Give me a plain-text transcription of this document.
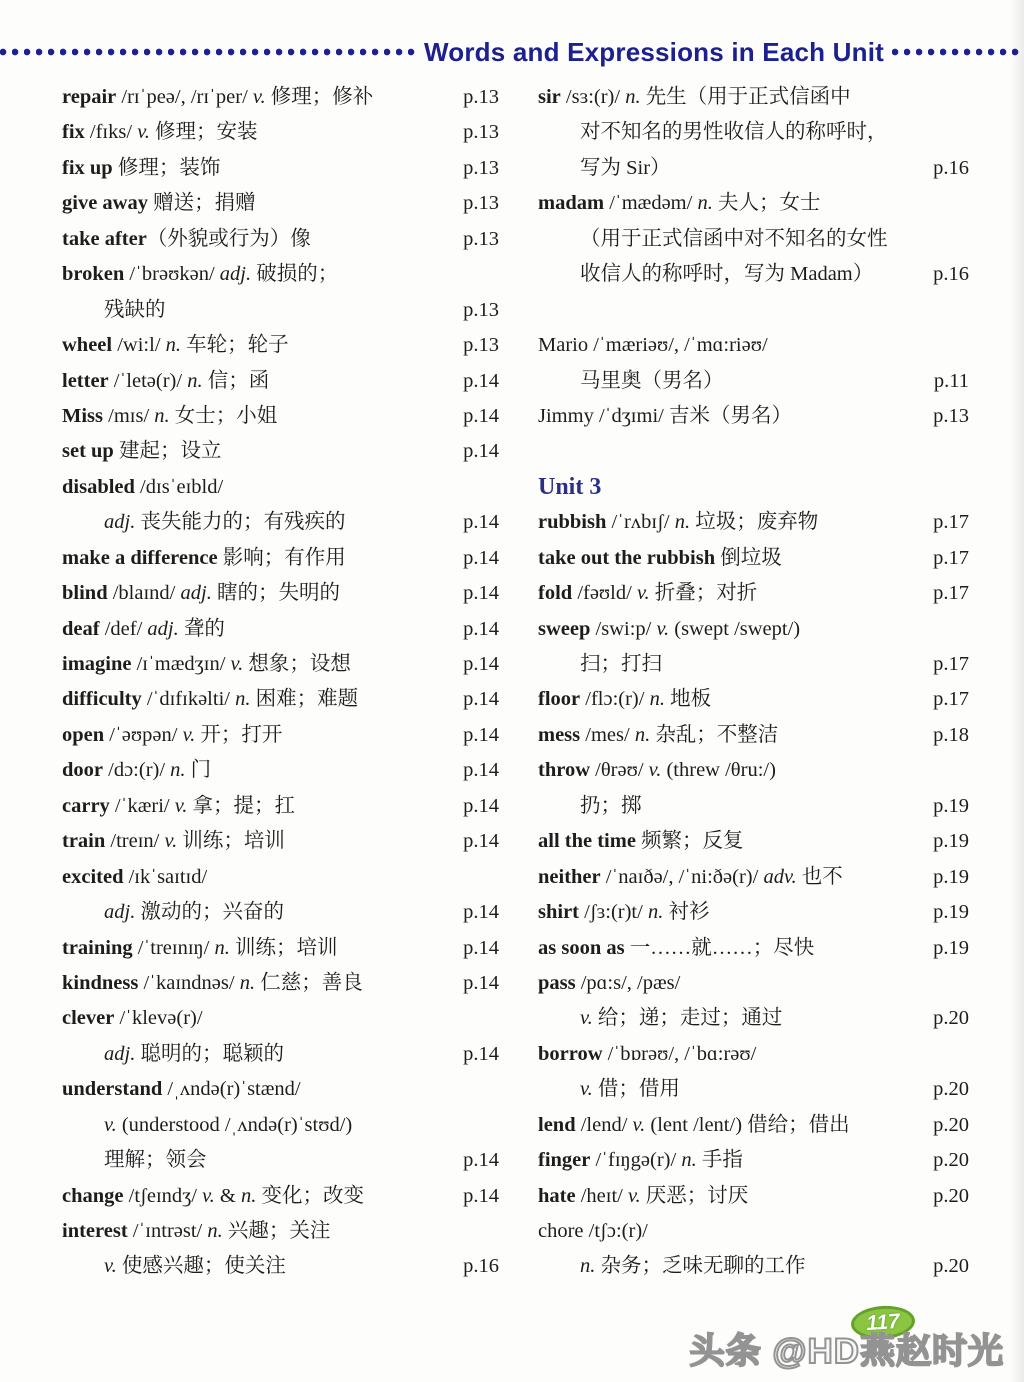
Words and Expressions in Each Unit
repair /rɪˈpeə/, /rɪˈper/ v. 修理；修补	p.13
fix /fɪks/ v. 修理；安装	p.13
fix up 修理；装饰	p.13
give away 赠送；捐赠	p.13
take after（外貌或行为）像	p.13
broken /ˈbrəʊkən/ adj. 破损的；
残缺的	p.13
wheel /wi:l/ n. 车轮；轮子	p.13
letter /ˈletə(r)/ n. 信；函	p.14
Miss /mɪs/ n. 女士；小姐	p.14
set up 建起；设立	p.14
disabled /dɪsˈeɪbld/
adj. 丧失能力的；有残疾的	p.14
make a difference 影响；有作用	p.14
blind /blaɪnd/ adj. 瞎的；失明的	p.14
deaf /def/ adj. 聋的	p.14
imagine /ɪˈmædʒɪn/ v. 想象；设想	p.14
difficulty /ˈdɪfɪkəlti/ n. 困难；难题	p.14
open /ˈəʊpən/ v. 开；打开	p.14
door /dɔ:(r)/ n. 门	p.14
carry /ˈkæri/ v. 拿；提；扛	p.14
train /treɪn/ v. 训练；培训	p.14
excited /ɪkˈsaɪtɪd/
adj. 激动的；兴奋的	p.14
training /ˈtreɪnɪŋ/ n. 训练；培训	p.14
kindness /ˈkaɪndnəs/ n. 仁慈；善良	p.14
clever /ˈklevə(r)/
adj. 聪明的；聪颖的	p.14
understand /ˌʌndə(r)ˈstænd/
v. (understood /ˌʌndə(r)ˈstʊd/)
理解；领会	p.14
change /tʃeɪndʒ/ v. & n. 变化；改变	p.14
interest /ˈɪntrəst/ n. 兴趣；关注
v. 使感兴趣；使关注	p.16
sir /sɜ:(r)/ n. 先生（用于正式信函中
对不知名的男性收信人的称呼时，
写为 Sir）	p.16
madam /ˈmædəm/ n. 夫人；女士
（用于正式信函中对不知名的女性
收信人的称呼时，写为 Madam）	p.16
Mario /ˈmæriəʊ/, /ˈmɑ:riəʊ/
马里奥（男名）	p.11
Jimmy /ˈdʒɪmi/ 吉米（男名）	p.13
Unit 3
rubbish /ˈrʌbɪʃ/ n. 垃圾；废弃物	p.17
take out the rubbish 倒垃圾	p.17
fold /fəʊld/ v. 折叠；对折	p.17
sweep /swi:p/ v. (swept /swept/)
扫；打扫	p.17
floor /flɔ:(r)/ n. 地板	p.17
mess /mes/ n. 杂乱；不整洁	p.18
throw /θrəʊ/ v. (threw /θru:/)
扔；掷	p.19
all the time 频繁；反复	p.19
neither /ˈnaɪðə/, /ˈni:ðə(r)/ adv. 也不	p.19
shirt /ʃɜ:(r)t/ n. 衬衫	p.19
as soon as 一……就……；尽快	p.19
pass /pɑ:s/, /pæs/
v. 给；递；走过；通过	p.20
borrow /ˈbɒrəʊ/, /ˈbɑ:rəʊ/
v. 借；借用	p.20
lend /lend/ v. (lent /lent/) 借给；借出	p.20
finger /ˈfɪŋgə(r)/ n. 手指	p.20
hate /heɪt/ v. 厌恶；讨厌	p.20
chore /tʃɔ:(r)/
n. 杂务；乏味无聊的工作	p.20
117
头条 @HD燕赵时光
